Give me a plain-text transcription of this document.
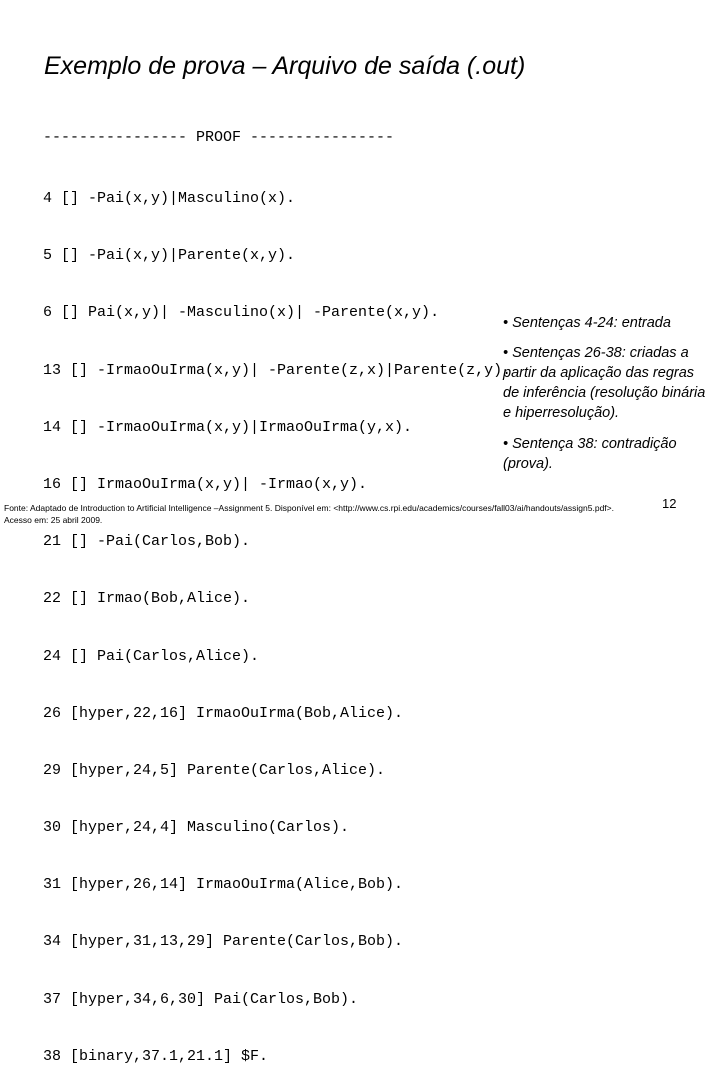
Exemplo de prova – Arquivo de saída (.out)
---------------- PROOF ----------------

4 [] -Pai(x,y)|Masculino(x).

5 [] -Pai(x,y)|Parente(x,y).

6 [] Pai(x,y)| -Masculino(x)| -Parente(x,y).

13 [] -IrmaoOuIrma(x,y)| -Parente(z,x)|Parente(z,y).

14 [] -IrmaoOuIrma(x,y)|IrmaoOuIrma(y,x).

16 [] IrmaoOuIrma(x,y)| -Irmao(x,y).

21 [] -Pai(Carlos,Bob).

22 [] Irmao(Bob,Alice).

24 [] Pai(Carlos,Alice).

26 [hyper,22,16] IrmaoOuIrma(Bob,Alice).

29 [hyper,24,5] Parente(Carlos,Alice).

30 [hyper,24,4] Masculino(Carlos).

31 [hyper,26,14] IrmaoOuIrma(Alice,Bob).

34 [hyper,31,13,29] Parente(Carlos,Bob).

37 [hyper,34,6,30] Pai(Carlos,Bob).

38 [binary,37.1,21.1] $F.

• Sentenças 4-24: entrada

• Sentenças 26-38: criadas a partir da aplicação das regras de inferência (resolução binária e hiperresolução).

• Sentença 38: contradição (prova).

12
Fonte: Adaptado de Introduction to Artificial Intelligence –Assignment 5. Disponível em: <http://www.cs.rpi.edu/academics/courses/fall03/ai/handouts/assign5.pdf>.
Acesso em: 25 abril 2009.
